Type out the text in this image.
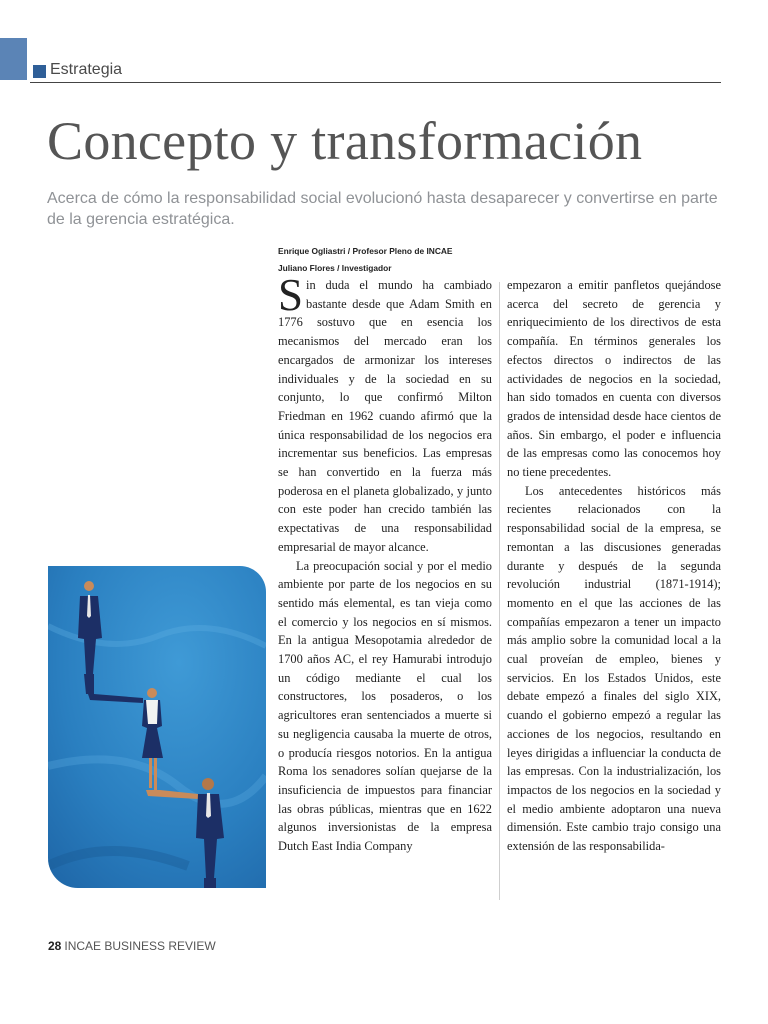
Estrategia
Concepto y transformación

Acerca de cómo la responsabilidad social evolucionó hasta desaparecer y convertirse en parte de la gerencia estratégica.

Enrique Ogliastri / Profesor Pleno de INCAE
Juliano Flores / Investigador

Sin duda el mundo ha cambiado bastante desde que Adam Smith en 1776 sostuvo que en esencia los mecanismos del mercado eran los encargados de armonizar los intereses individuales y de la sociedad en su conjunto, lo que confirmó Milton Friedman en 1962 cuando afirmó que la única responsabilidad de los negocios era incrementar sus beneficios. Las empresas se han convertido en la fuerza más poderosa en el planeta globalizado, y junto con este poder han crecido también las expectativas de una responsabilidad empresarial de mayor alcance.

La preocupación social y por el medio ambiente por parte de los negocios en su sentido más elemental, es tan vieja como el comercio y los negocios en sí mismos. En la antigua Mesopotamia alrededor de 1700 años AC, el rey Hamurabi introdujo un código mediante el cual los constructores, los posaderos, o los agricultores eran sentenciados a muerte si su negligencia causaba la muerte de otros, o producía riesgos notorios. En la antigua Roma los senadores solían quejarse de la insuficiencia de impuestos para financiar las obras públicas, mientras que en 1622 algunos inversionistas de la empresa Dutch East India Company

empezaron a emitir panfletos quejándose acerca del secreto de gerencia y enriquecimiento de los directivos de esta compañía. En términos generales los efectos directos o indirectos de las actividades de negocios en la sociedad, han sido tomados en cuenta con diversos grados de intensidad desde hace cientos de años. Sin embargo, el poder e influencia de las empresas como las conocemos hoy no tiene precedentes.

Los antecedentes históricos más recientes relacionados con la responsabilidad social de la empresa, se remontan a las discusiones generadas durante y después de la segunda revolución industrial (1871-1914); momento en el que las acciones de las compañías empezaron a tener un impacto más amplio sobre la comunidad local a la cual proveían de empleo, bienes y servicios. En los Estados Unidos, este debate empezó a finales del siglo XIX, cuando el gobierno empezó a regular las acciones de los negocios, resultando en leyes dirigidas a influenciar la conducta de las empresas. Con la industrialización, los impactos de los negocios en la sociedad y el medio ambiente adoptaron una nueva dimensión. Este cambio trajo consigo una extensión de las responsabilida-

28 INCAE BUSINESS REVIEW
